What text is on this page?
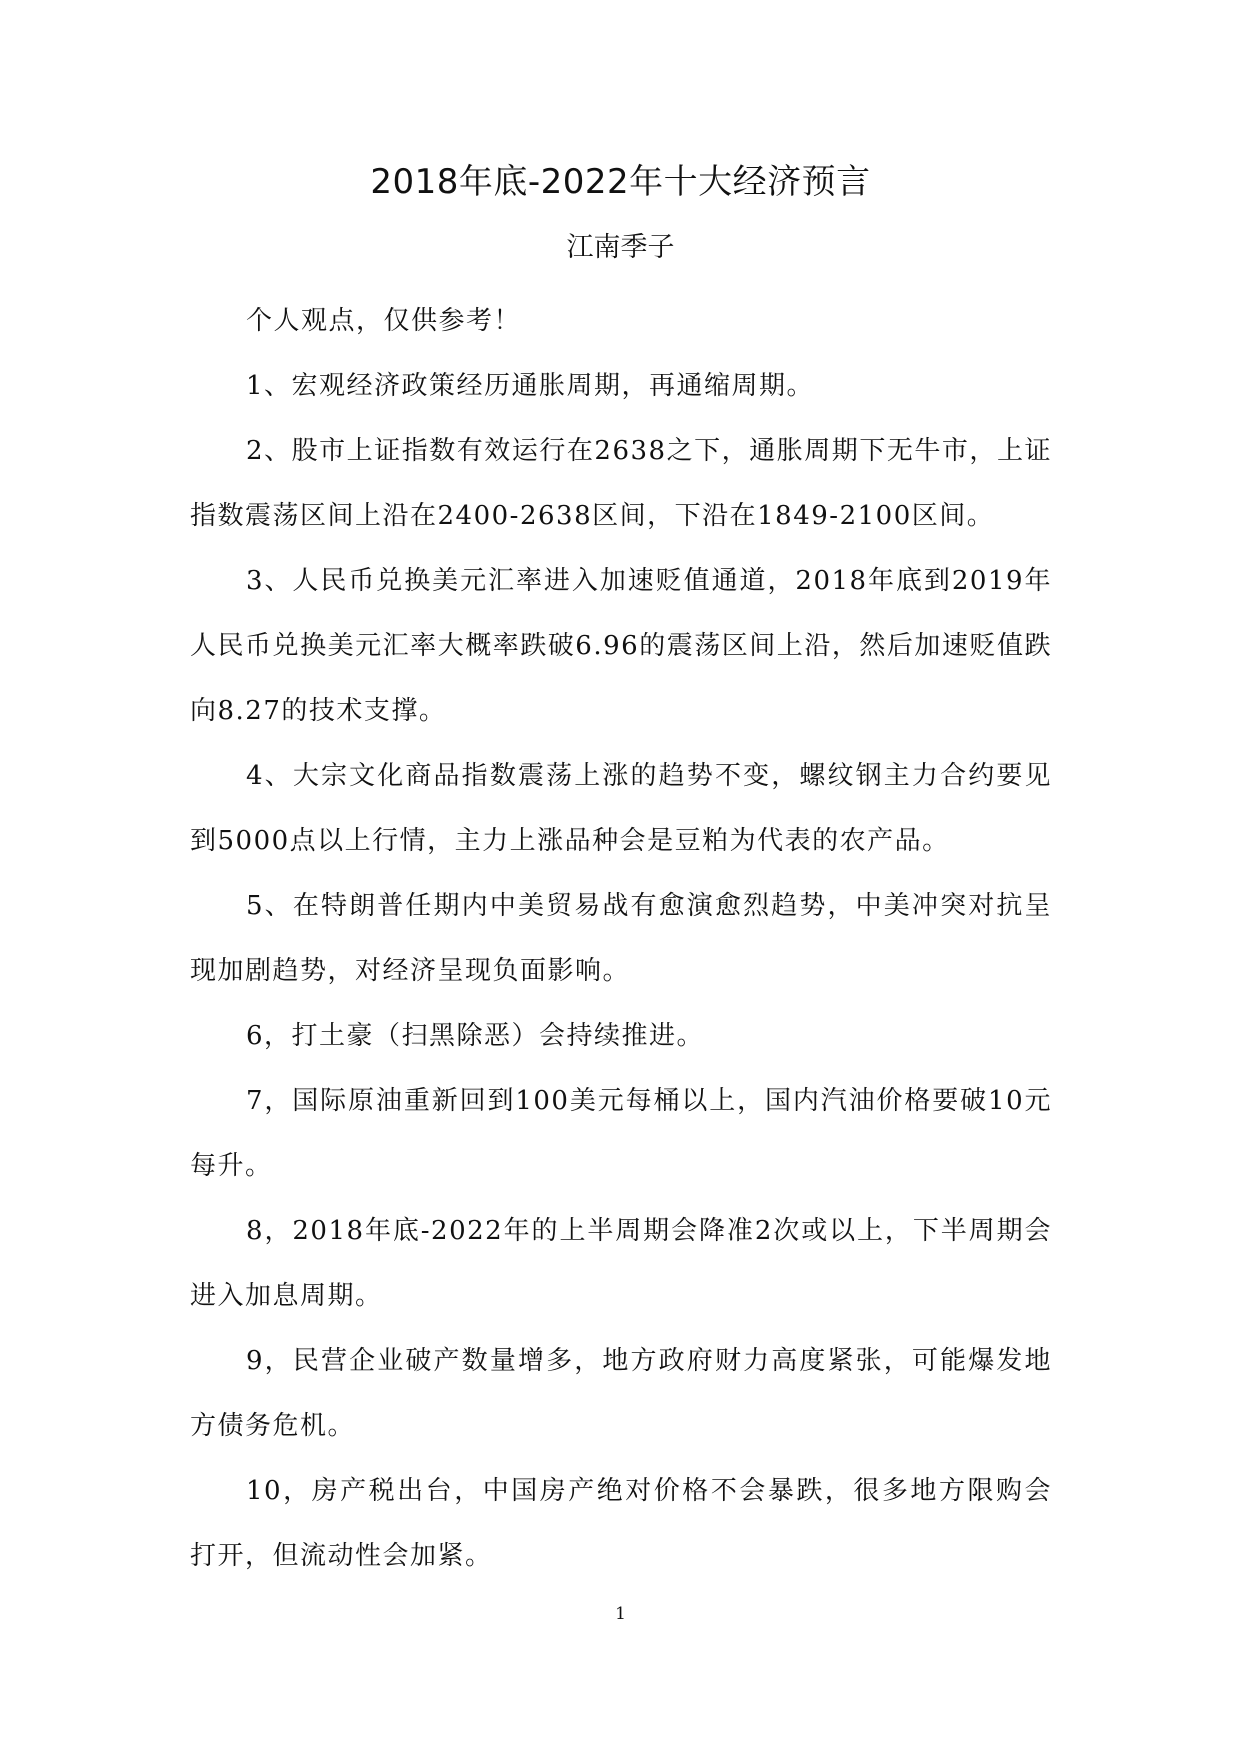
2018年底-2022年十大经济预言
江南季子

个人观点，仅供参考！

1、宏观经济政策经历通胀周期，再通缩周期。

2、股市上证指数有效运行在2638之下，通胀周期下无牛市，上证指数震荡区间上沿在2400-2638区间，下沿在1849-2100区间。

3、人民币兑换美元汇率进入加速贬值通道，2018年底到2019年人民币兑换美元汇率大概率跌破6.96的震荡区间上沿，然后加速贬值跌向8.27的技术支撑。

4、大宗文化商品指数震荡上涨的趋势不变，螺纹钢主力合约要见到5000点以上行情，主力上涨品种会是豆粕为代表的农产品。

5、在特朗普任期内中美贸易战有愈演愈烈趋势，中美冲突对抗呈现加剧趋势，对经济呈现负面影响。

6，打土豪（扫黑除恶）会持续推进。

7，国际原油重新回到100美元每桶以上，国内汽油价格要破10元每升。

8，2018年底-2022年的上半周期会降准2次或以上，下半周期会进入加息周期。

9，民营企业破产数量增多，地方政府财力高度紧张，可能爆发地方债务危机。

10，房产税出台，中国房产绝对价格不会暴跌，很多地方限购会打开，但流动性会加紧。

1
